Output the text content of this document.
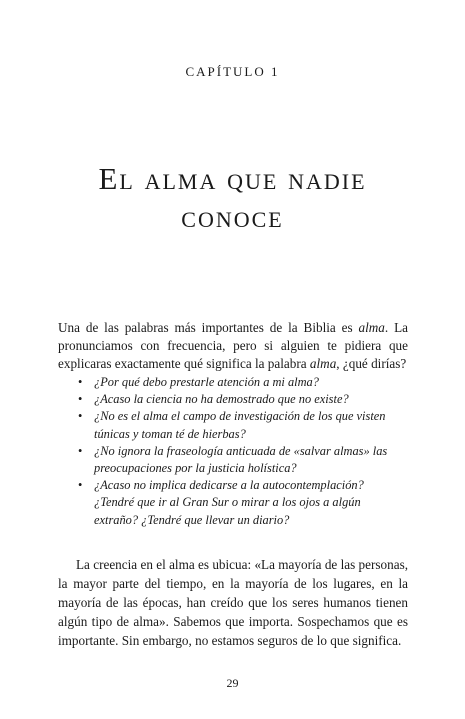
CAPÍTULO 1
El alma que nadie
conoce

Una de las palabras más importantes de la Biblia es alma. La pronunciamos con frecuencia, pero si alguien te pidiera que explicaras exactamente qué significa la palabra alma, ¿qué dirías?

• ¿Por qué debo prestarle atención a mi alma?
• ¿Acaso la ciencia no ha demostrado que no existe?
• ¿No es el alma el campo de investigación de los que visten túnicas y toman té de hierbas?
• ¿No ignora la fraseología anticuada de «salvar almas» las preocupaciones por la justicia holística?
• ¿Acaso no implica dedicarse a la autocontemplación? ¿Tendré que ir al Gran Sur o mirar a los ojos a algún extraño? ¿Tendré que llevar un diario?

La creencia en el alma es ubicua: «La mayoría de las personas, la mayor parte del tiempo, en la mayoría de los lugares, en la mayoría de las épocas, han creído que los seres humanos tienen algún tipo de alma». Sabemos que importa. Sospechamos que es importante. Sin embargo, no estamos seguros de lo que significa.

29
